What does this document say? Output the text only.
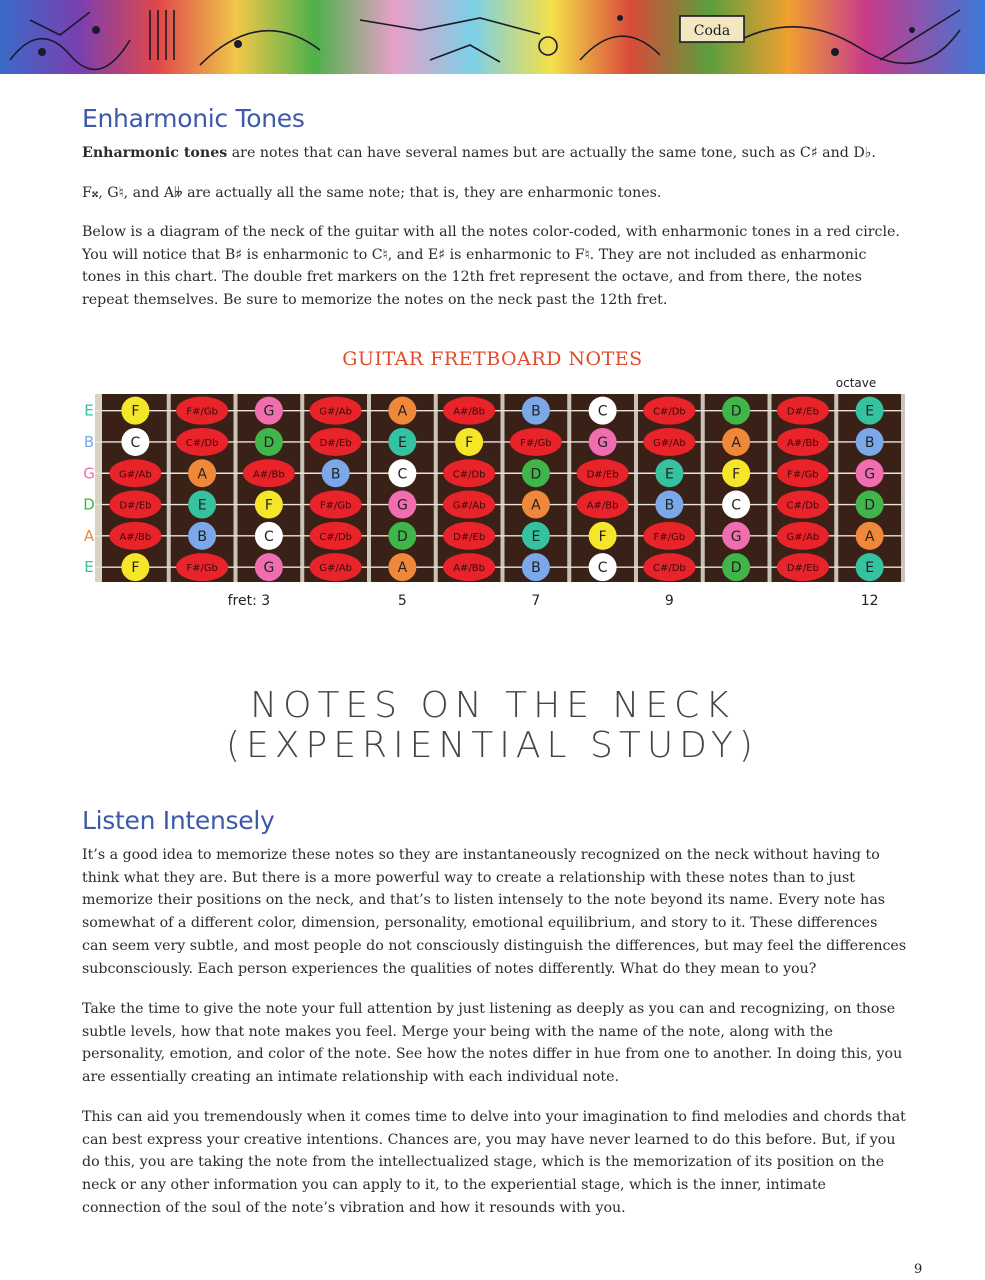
Coda
Enharmonic Tones

Enharmonic tones are notes that can have several names but are actually the same tone, such as C♯ and D♭.

F𝄪, G♮, and A𝄫 are actually all the same note; that is, they are enharmonic tones.

Below is a diagram of the neck of the guitar with all the notes color-coded, with enharmonic tones in a red circle. You will notice that B♯ is enharmonic to C♮, and E♯ is enharmonic to F♮. They are not included as enharmonic tones in this chart. The double fret markers on the 12th fret represent the octave, and from there, the notes repeat themselves. Be sure to memorize the notes on the neck past the 12th fret.

GUITAR FRETBOARD NOTES
octave
E
B
G
D
A
E
F	F#/Gb	G	G#/Ab	A	A#/Bb	B	C	C#/Db	D	D#/Eb	E
C	C#/Db	D	D#/Eb	E	F	F#/Gb	G	G#/Ab	A	A#/Bb	B
G#/Ab	A	A#/Bb	B	C	C#/Db	D	D#/Eb	E	F	F#/Gb	G
D#/Eb	E	F	F#/Gb	G	G#/Ab	A	A#/Bb	B	C	C#/Db	D
A#/Bb	B	C	C#/Db	D	D#/Eb	E	F	F#/Gb	G	G#/Ab	A
F	F#/Gb	G	G#/Ab	A	A#/Bb	B	C	C#/Db	D	D#/Eb	E
fret: 3	5	7	9	12
NOTES ON THE NECK
(EXPERIENTIAL STUDY)
Listen Intensely

It’s a good idea to memorize these notes so they are instantaneously recognized on the neck without having to think what they are. But there is a more powerful way to create a relationship with these notes than to just memorize their positions on the neck, and that’s to listen intensely to the note beyond its name. Every note has somewhat of a different color, dimension, personality, emotional equilibrium, and story to it. These differences can seem very subtle, and most people do not consciously distinguish the differences, but may feel the differences subconsciously. Each person experiences the qualities of notes differently. What do they mean to you?

Take the time to give the note your full attention by just listening as deeply as you can and recognizing, on those subtle levels, how that note makes you feel. Merge your being with the name of the note, along with the personality, emotion, and color of the note. See how the notes differ in hue from one to another. In doing this, you are essentially creating an intimate relationship with each individual note.

This can aid you tremendously when it comes time to delve into your imagination to find melodies and chords that can best express your creative intentions. Chances are, you may have never learned to do this before. But, if you do this, you are taking the note from the intellectualized stage, which is the memorization of its position on the neck or any other information you can apply to it, to the experiential stage, which is the inner, intimate connection of the soul of the note’s vibration and how it resounds with you.

9
